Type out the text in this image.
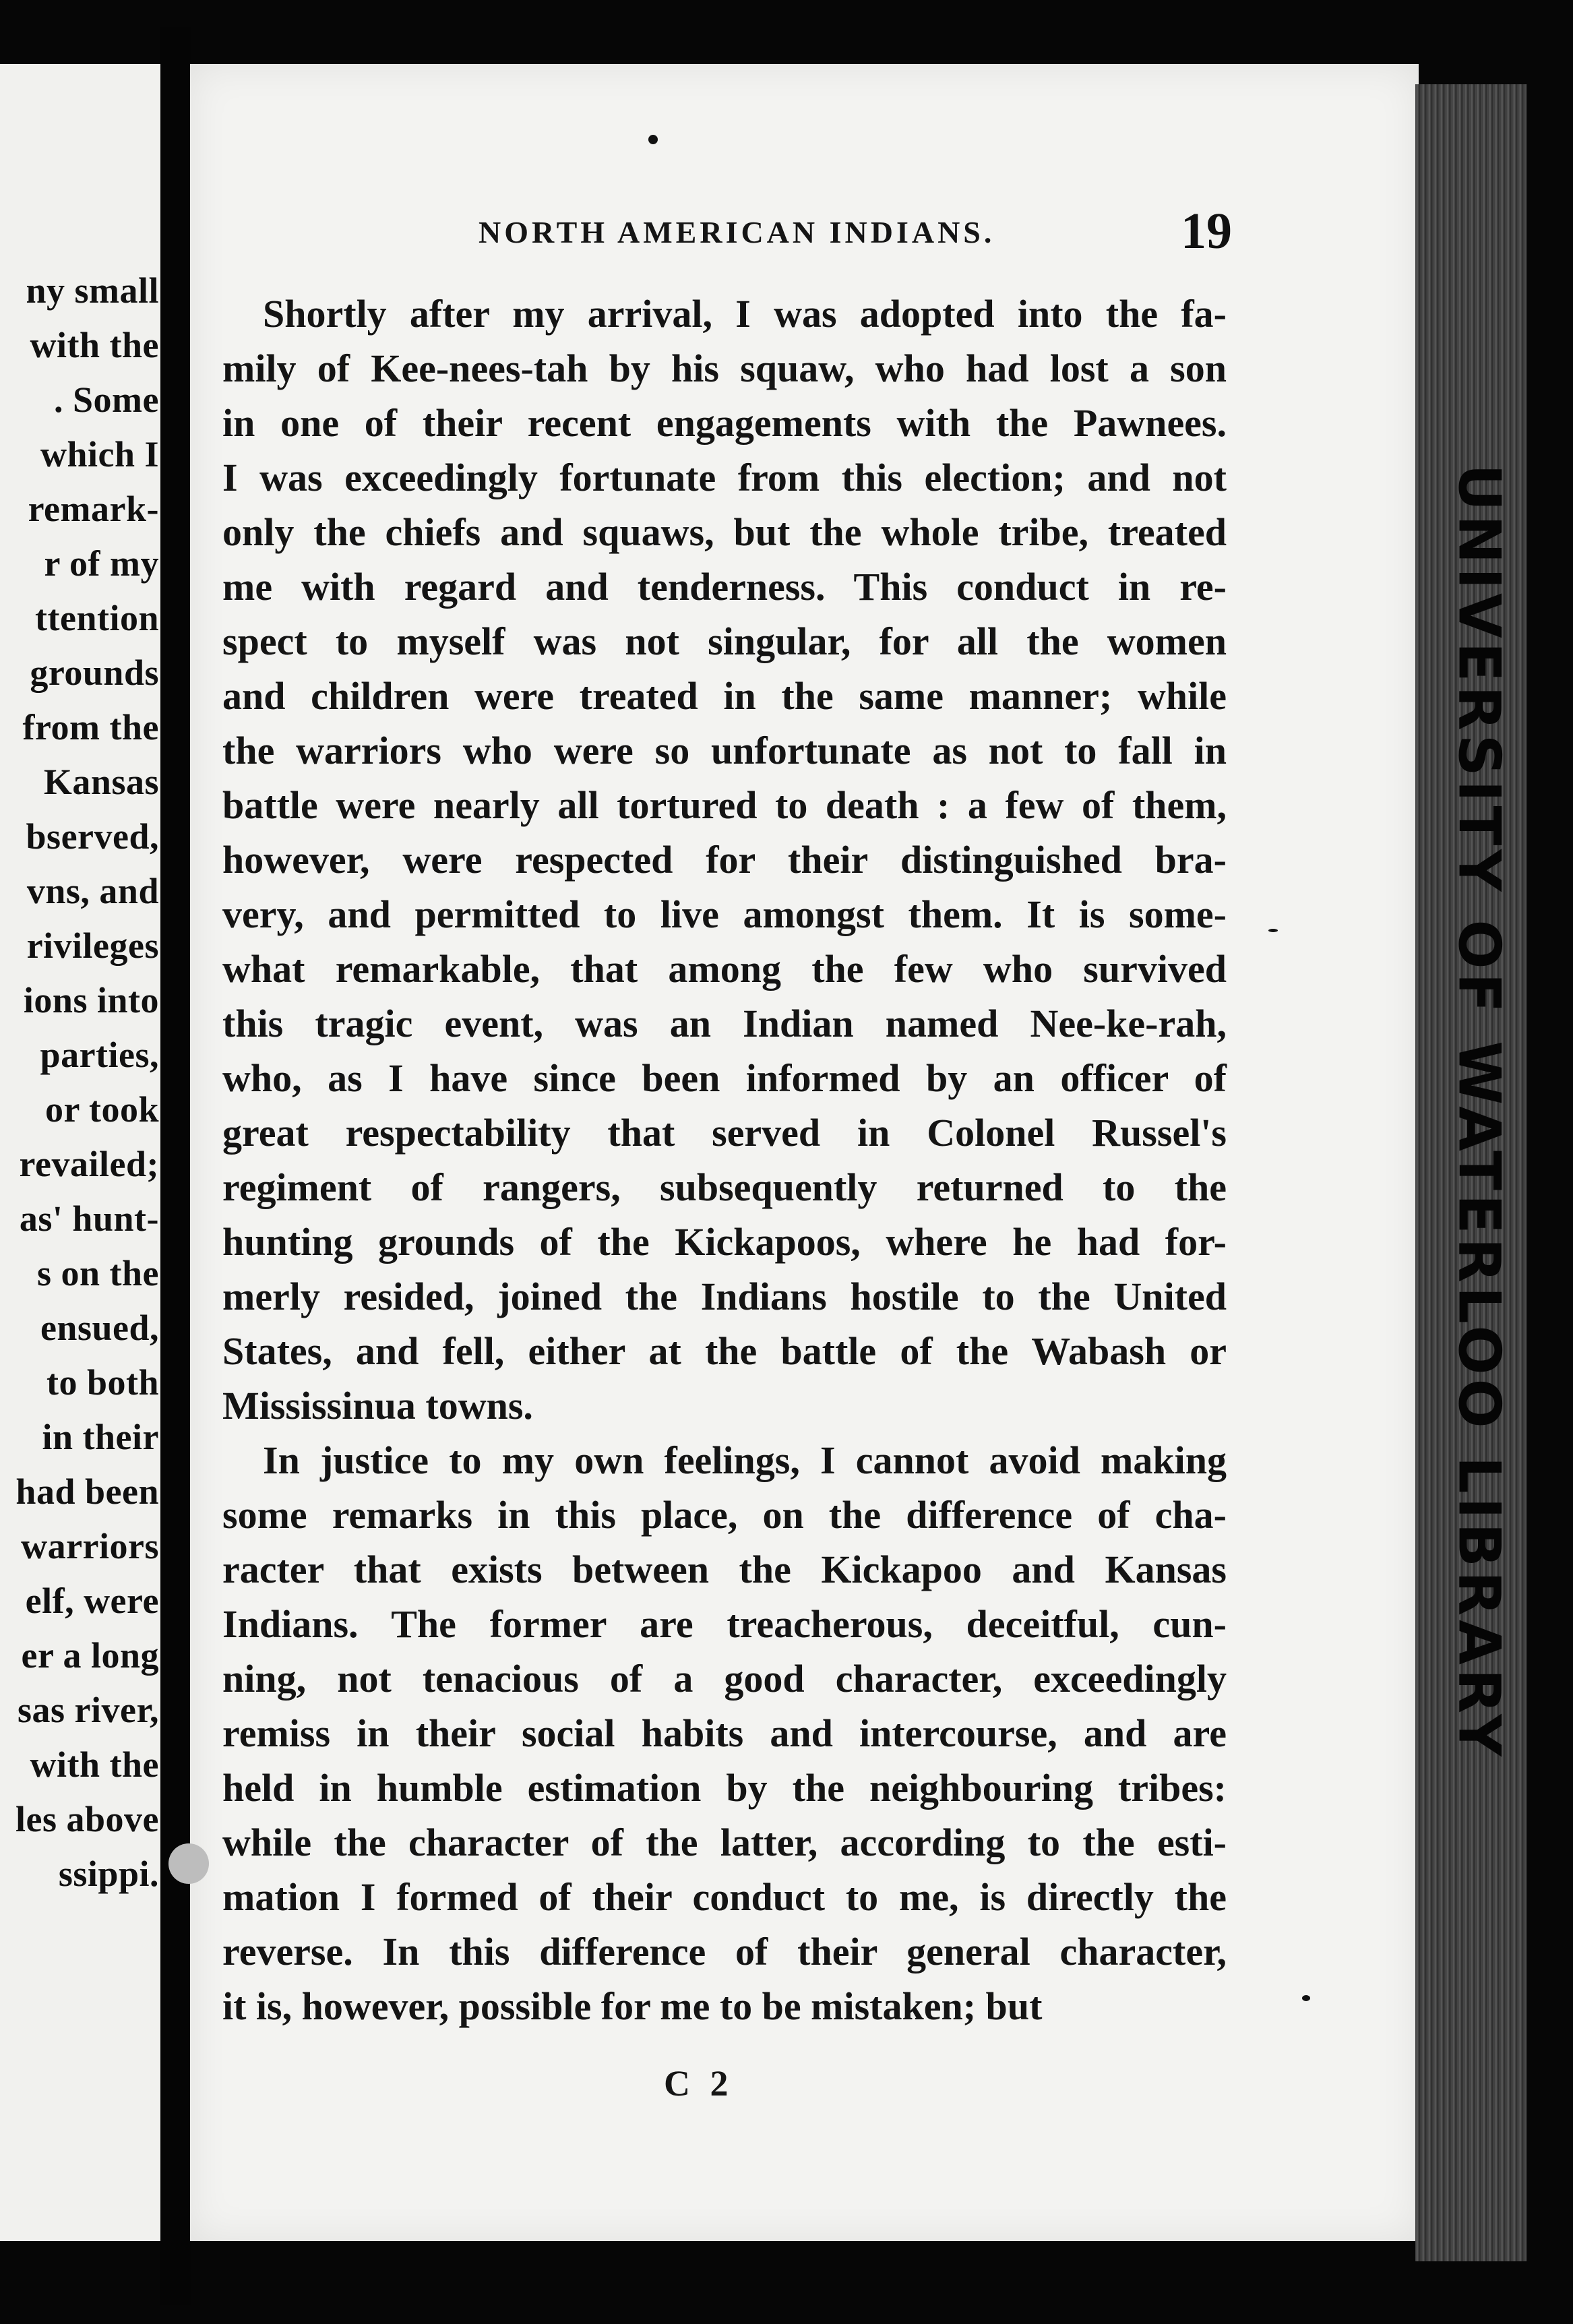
ny small
with the
. Some
which I
remark-
r of my
ttention
grounds
from the
Kansas
bserved,
vns, and
rivileges
ions into
parties,
or took
revailed;
as' hunt-
s on the
ensued,
to both
in their
had been
warriors
elf, were
er a long
sas river,
with the
les above
ssippi.
UNIVERSITY OF WATERLOO LIBRARY
NORTH AMERICAN INDIANS.	19
Shortly after my arrival, I was adopted into the fa-
mily of Kee-nees-tah by his squaw, who had lost a son
in one of their recent engagements with the Pawnees.
I was exceedingly fortunate from this election; and not
only the chiefs and squaws, but the whole tribe, treated
me with regard and tenderness. This conduct in re-
spect to myself was not singular, for all the women
and children were treated in the same manner; while
the warriors who were so unfortunate as not to fall in
battle were nearly all tortured to death : a few of them,
however, were respected for their distinguished bra-
very, and permitted to live amongst them. It is some-
what remarkable, that among the few who survived
this tragic event, was an Indian named Nee-ke-rah,
who, as I have since been informed by an officer of
great respectability that served in Colonel Russel's
regiment of rangers, subsequently returned to the
hunting grounds of the Kickapoos, where he had for-
merly resided, joined the Indians hostile to the United
States, and fell, either at the battle of the Wabash or
Mississinua towns.
In justice to my own feelings, I cannot avoid making
some remarks in this place, on the difference of cha-
racter that exists between the Kickapoo and Kansas
Indians. The former are treacherous, deceitful, cun-
ning, not tenacious of a good character, exceedingly
remiss in their social habits and intercourse, and are
held in humble estimation by the neighbouring tribes:
while the character of the latter, according to the esti-
mation I formed of their conduct to me, is directly the
reverse. In this difference of their general character,
it is, however, possible for me to be mistaken; but
C 2
